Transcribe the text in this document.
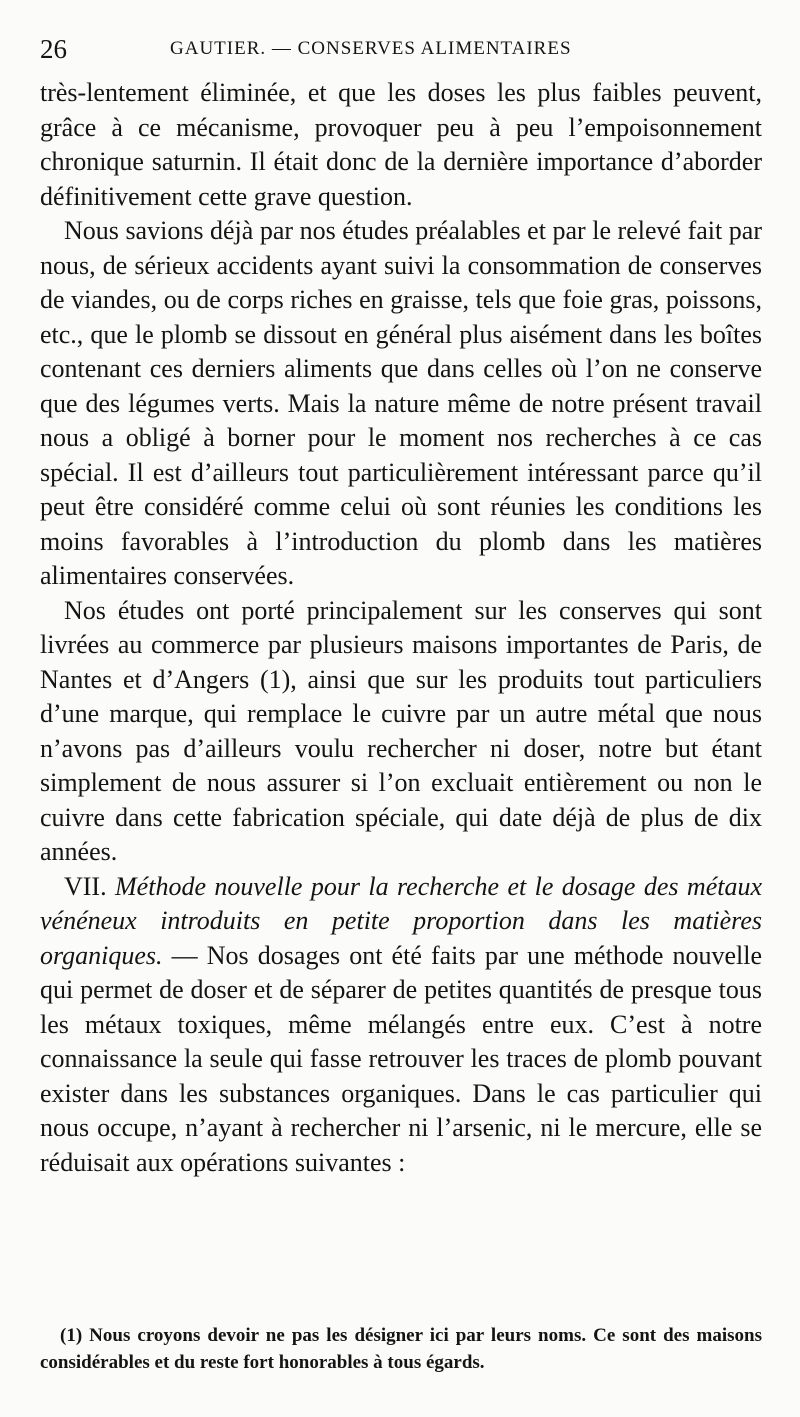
26	GAUTIER. — CONSERVES ALIMENTAIRES

très-lentement éliminée, et que les doses les plus faibles peuvent, grâce à ce mécanisme, provoquer peu à peu l’empoisonnement chronique saturnin. Il était donc de la dernière importance d’aborder définitivement cette grave question.

Nous savions déjà par nos études préalables et par le relevé fait par nous, de sérieux accidents ayant suivi la consommation de conserves de viandes, ou de corps riches en graisse, tels que foie gras, poissons, etc., que le plomb se dissout en général plus aisément dans les boîtes contenant ces derniers aliments que dans celles où l’on ne conserve que des légumes verts. Mais la nature même de notre présent travail nous a obligé à borner pour le moment nos recherches à ce cas spécial. Il est d’ailleurs tout particulièrement intéressant parce qu’il peut être considéré comme celui où sont réunies les conditions les moins favorables à l’introduction du plomb dans les matières alimentaires conservées.

Nos études ont porté principalement sur les conserves qui sont livrées au commerce par plusieurs maisons importantes de Paris, de Nantes et d’Angers (1), ainsi que sur les produits tout particuliers d’une marque, qui remplace le cuivre par un autre métal que nous n’avons pas d’ailleurs voulu rechercher ni doser, notre but étant simplement de nous assurer si l’on excluait entièrement ou non le cuivre dans cette fabrication spéciale, qui date déjà de plus de dix années.

VII. Méthode nouvelle pour la recherche et le dosage des métaux vénéneux introduits en petite proportion dans les matières organiques. — Nos dosages ont été faits par une méthode nouvelle qui permet de doser et de séparer de petites quantités de presque tous les métaux toxiques, même mélangés entre eux. C’est à notre connaissance la seule qui fasse retrouver les traces de plomb pouvant exister dans les substances organiques. Dans le cas particulier qui nous occupe, n’ayant à rechercher ni l’arsenic, ni le mercure, elle se réduisait aux opérations suivantes :

(1) Nous croyons devoir ne pas les désigner ici par leurs noms. Ce sont des maisons considérables et du reste fort honorables à tous égards.
